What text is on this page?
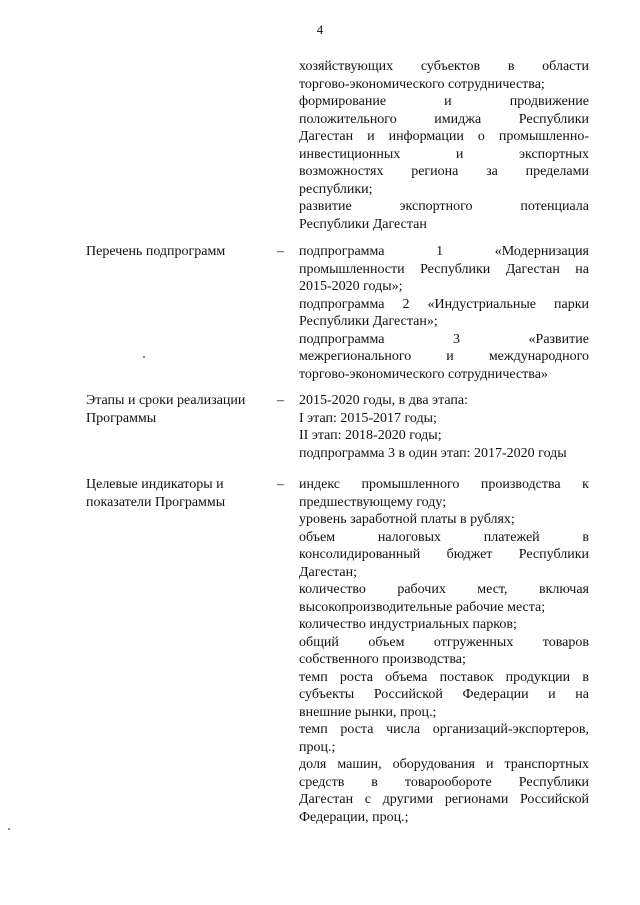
4
хозяйствующих субъектов в области
торгово-экономического сотрудничества;
формирование и продвижение
положительного имиджа Республики
Дагестан и информации о промышленно-
инвестиционных и экспортных
возможностях региона за пределами
республики;
развитие экспортного потенциала
Республики Дагестан
Перечень подпрограмм	– подпрограмма 1 «Модернизация
промышленности Республики Дагестан на
2015-2020 годы»;
подпрограмма 2 «Индустриальные парки
Республики Дагестан»;
подпрограмма 3 «Развитие
межрегионального и международного
торгово-экономического сотрудничества»
Этапы и сроки реализации Программы
– 2015-2020 годы, в два этапа:
I этап: 2015-2017 годы;
II этап: 2018-2020 годы;
подпрограмма 3 в один этап: 2017-2020 годы
Целевые индикаторы и показатели Программы
– индекс промышленного производства к
предшествующему году;
уровень заработной платы в рублях;
объем налоговых платежей в
консолидированный бюджет Республики
Дагестан;
количество рабочих мест, включая
высокопроизводительные рабочие места;
количество индустриальных парков;
общий объем отгруженных товаров
собственного производства;
темп роста объема поставок продукции в
субъекты Российской Федерации и на
внешние рынки, проц.;
темп роста числа организаций-экспортеров,
проц.;
доля машин, оборудования и транспортных
средств в товарообороте Республики
Дагестан с другими регионами Российской
Федерации, проц.;
